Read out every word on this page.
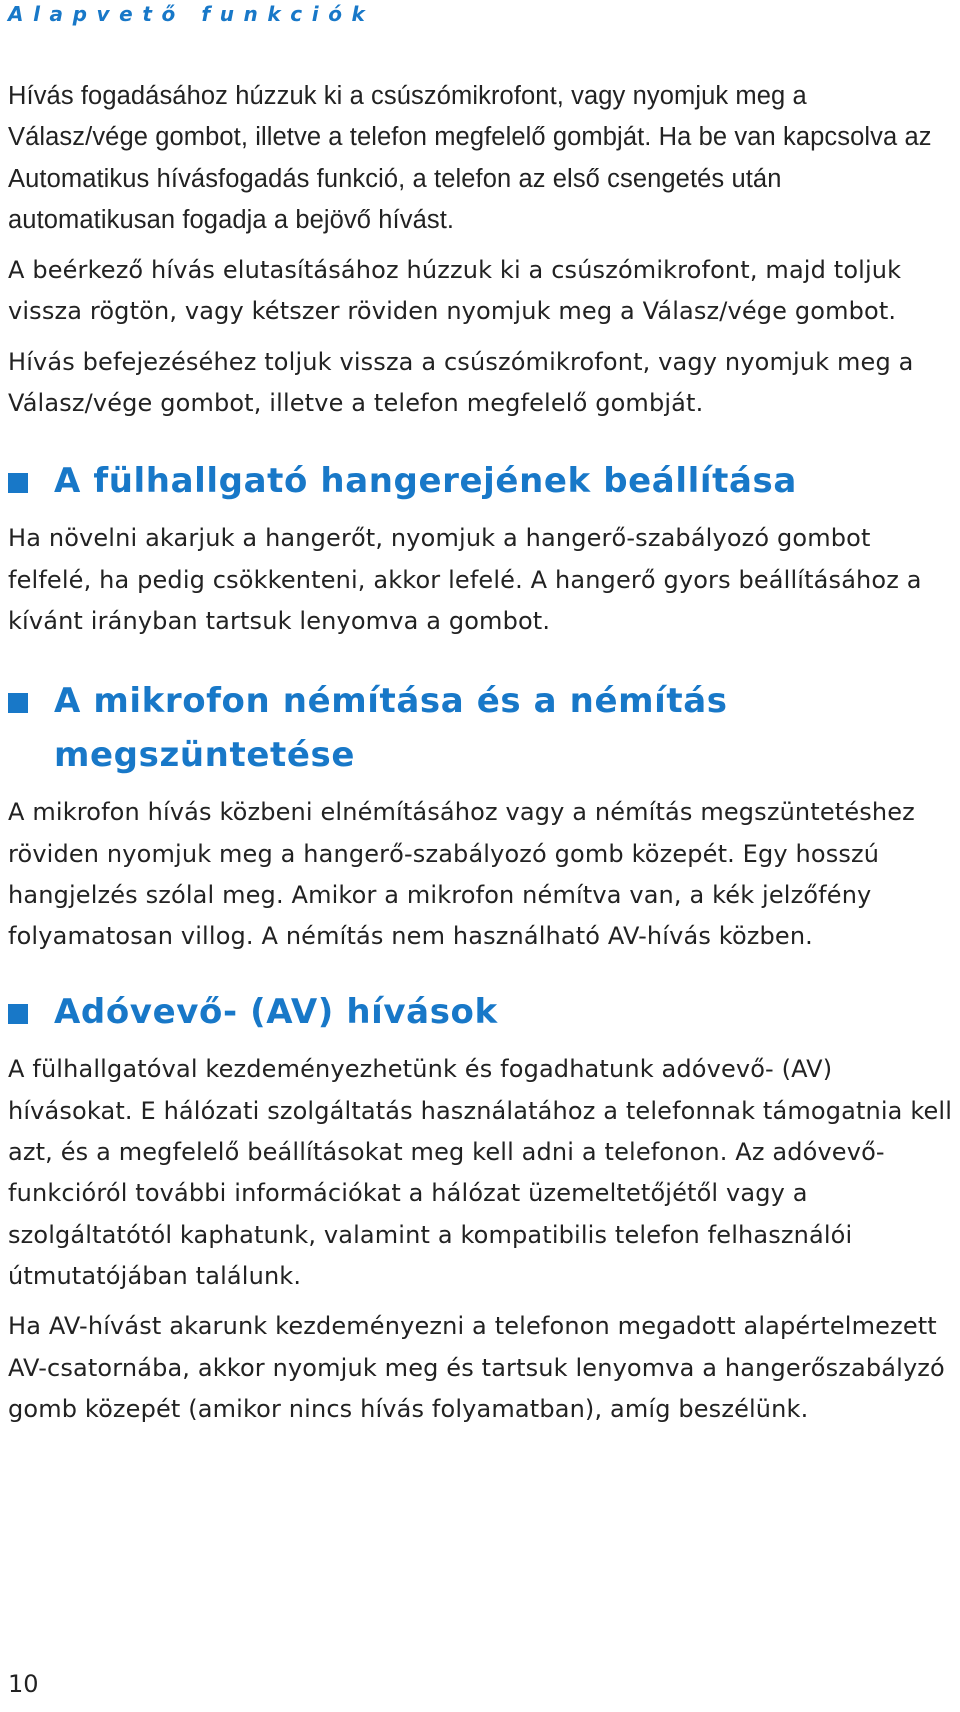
Alapvető funkciók

Hívás fogadásához húzzuk ki a csúszómikrofont, vagy nyomjuk meg a Válasz/vége gombot, illetve a telefon megfelelő gombját. Ha be van kapcsolva az Automatikus hívásfogadás funkció, a telefon az első csengetés után automatikusan fogadja a bejövő hívást.

A beérkező hívás elutasításához húzzuk ki a csúszómikrofont, majd toljuk vissza rögtön, vagy kétszer röviden nyomjuk meg a Válasz/vége gombot.

Hívás befejezéséhez toljuk vissza a csúszómikrofont, vagy nyomjuk meg a Válasz/vége gombot, illetve a telefon megfelelő gombját.

A fülhallgató hangerejének beállítása

Ha növelni akarjuk a hangerőt, nyomjuk a hangerő-szabályozó gombot felfelé, ha pedig csökkenteni, akkor lefelé. A hangerő gyors beállításához a kívánt irányban tartsuk lenyomva a gombot.

A mikrofon némítása és a némítás megszüntetése

A mikrofon hívás közbeni elnémításához vagy a némítás megszüntetéshez röviden nyomjuk meg a hangerő-szabályozó gomb közepét. Egy hosszú hangjelzés szólal meg. Amikor a mikrofon némítva van, a kék jelzőfény folyamatosan villog. A némítás nem használható AV-hívás közben.

Adóvevő- (AV) hívások

A fülhallgatóval kezdeményezhetünk és fogadhatunk adóvevő- (AV) hívásokat. E hálózati szolgáltatás használatához a telefonnak támogatnia kell azt, és a megfelelő beállításokat meg kell adni a telefonon. Az adóvevő-funkcióról további információkat a hálózat üzemeltetőjétől vagy a szolgáltatótól kaphatunk, valamint a kompatibilis telefon felhasználói útmutatójában találunk.

Ha AV-hívást akarunk kezdeményezni a telefonon megadott alapértelmezett AV-csatornába, akkor nyomjuk meg és tartsuk lenyomva a hangerőszabályzó gomb közepét (amikor nincs hívás folyamatban), amíg beszélünk.

10
